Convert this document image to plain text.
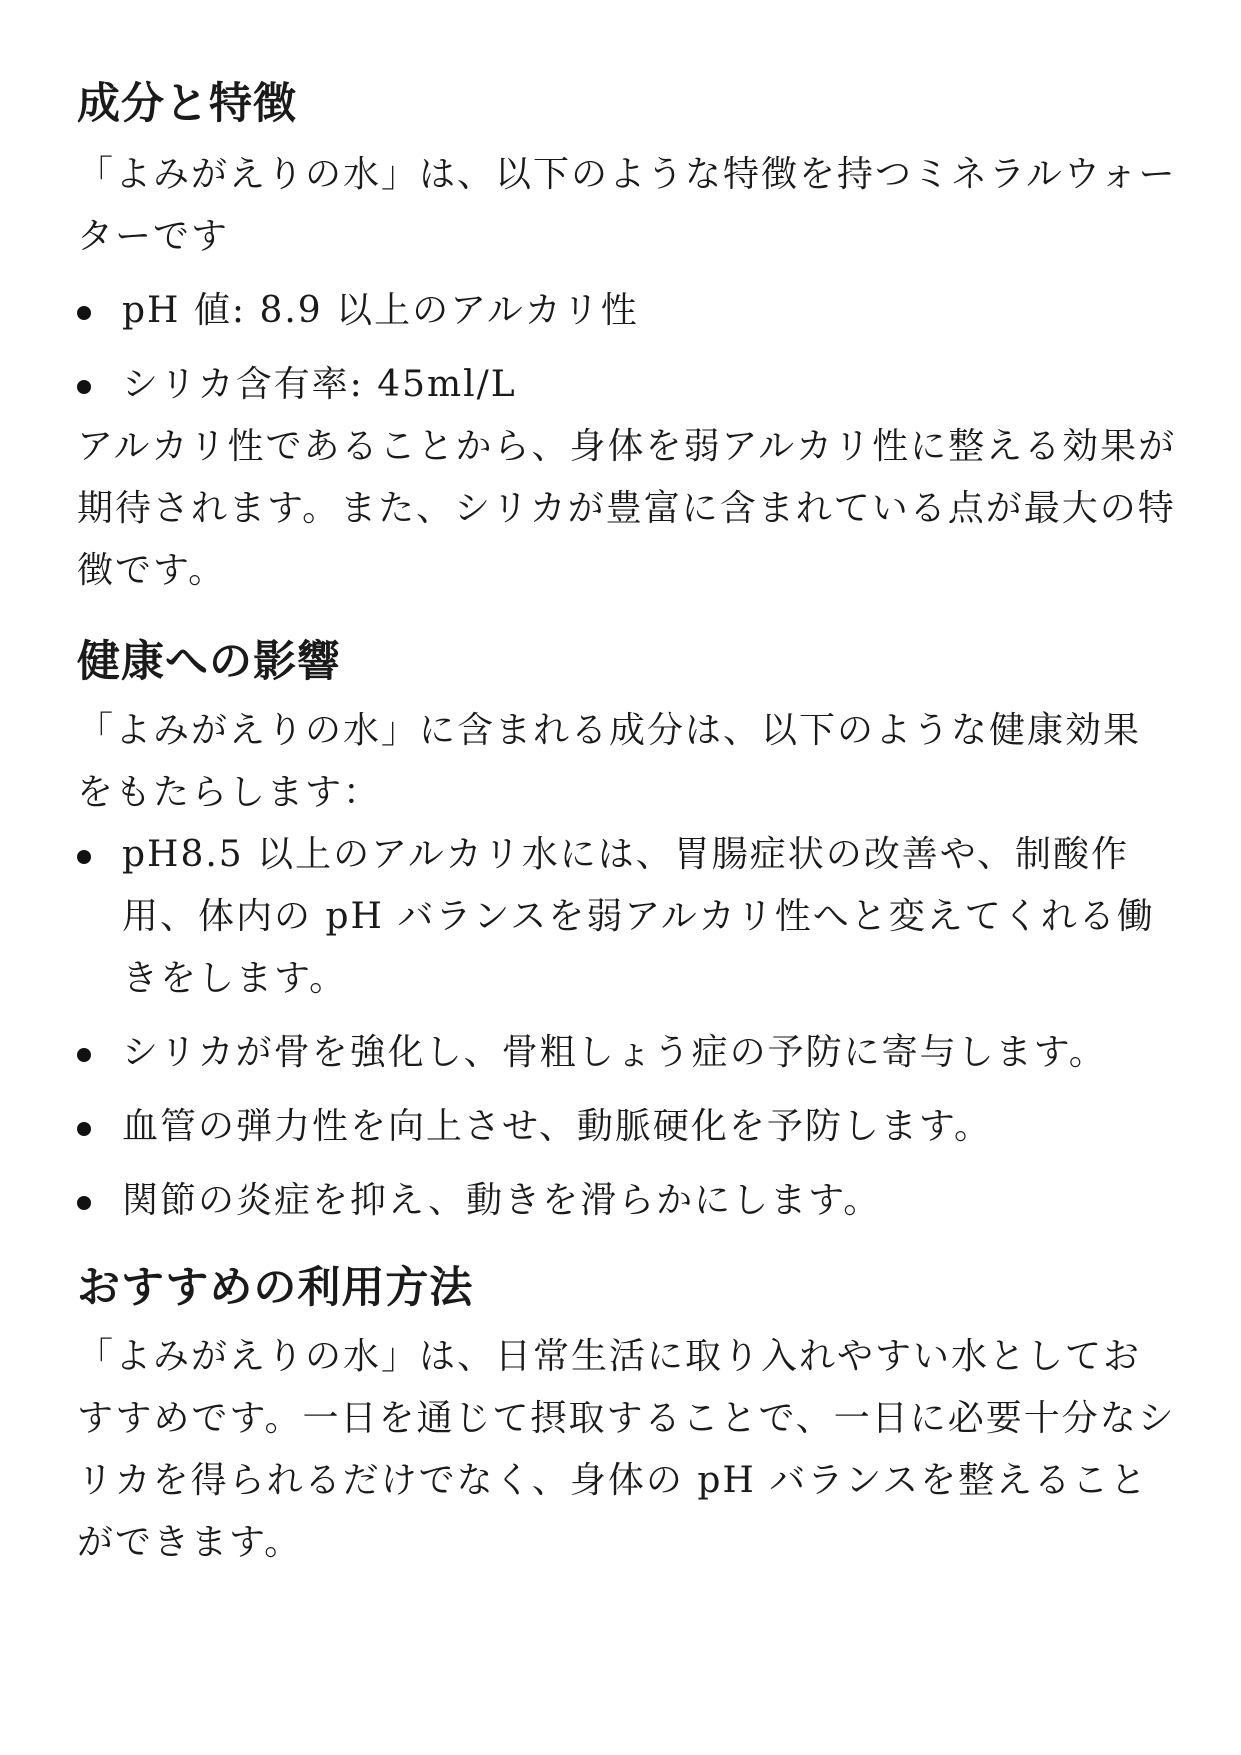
成分と特徴

「よみがえりの水」は、以下のような特徴を持つミネラルウォーターです

pH 値: 8.9 以上のアルカリ性
シリカ含有率: 45ml/L

アルカリ性であることから、身体を弱アルカリ性に整える効果が期待されます。また、シリカが豊富に含まれている点が最大の特徴です。

健康への影響

「よみがえりの水」に含まれる成分は、以下のような健康効果をもたらします：

pH8.5 以上のアルカリ水には、胃腸症状の改善や、制酸作用、体内の pH バランスを弱アルカリ性へと変えてくれる働きをします。
シリカが骨を強化し、骨粗しょう症の予防に寄与します。
血管の弾力性を向上させ、動脈硬化を予防します。
関節の炎症を抑え、動きを滑らかにします。
おすすめの利用方法

「よみがえりの水」は、日常生活に取り入れやすい水としておすすめです。一日を通じて摂取することで、一日に必要十分なシリカを得られるだけでなく、身体の pH バランスを整えることができます。
